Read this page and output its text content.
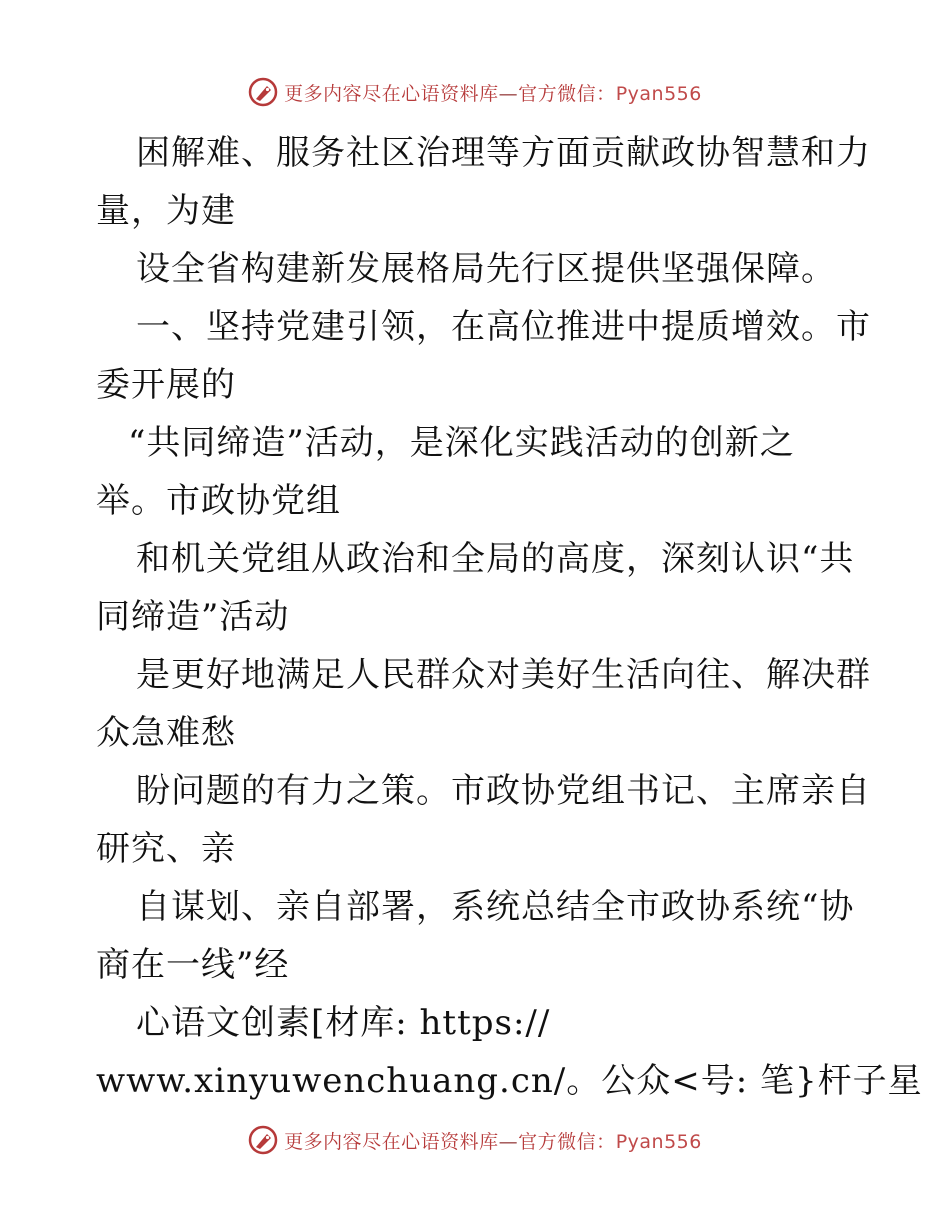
更多内容尽在心语资料库—官方微信：Pyan556
困解难、服务社区治理等方面贡献政协智慧和力
量，为建
设全省构建新发展格局先行区提供坚强保障。
一、坚持党建引领，在高位推进中提质增效。市
委开展的
“共同缔造”活动，是深化实践活动的创新之
举。市政协党组
和机关党组从政治和全局的高度，深刻认识“共
同缔造”活动
是更好地满足人民群众对美好生活向往、解决群
众急难愁
盼问题的有力之策。市政协党组书记、主席亲自
研究、亲
自谋划、亲自部署，系统总结全市政协系统“协
商在一线”经
心语文创素[材库: https://
www.xinyuwenchuang.cn/。公众<号: 笔}杆子星
更多内容尽在心语资料库—官方微信：Pyan556
